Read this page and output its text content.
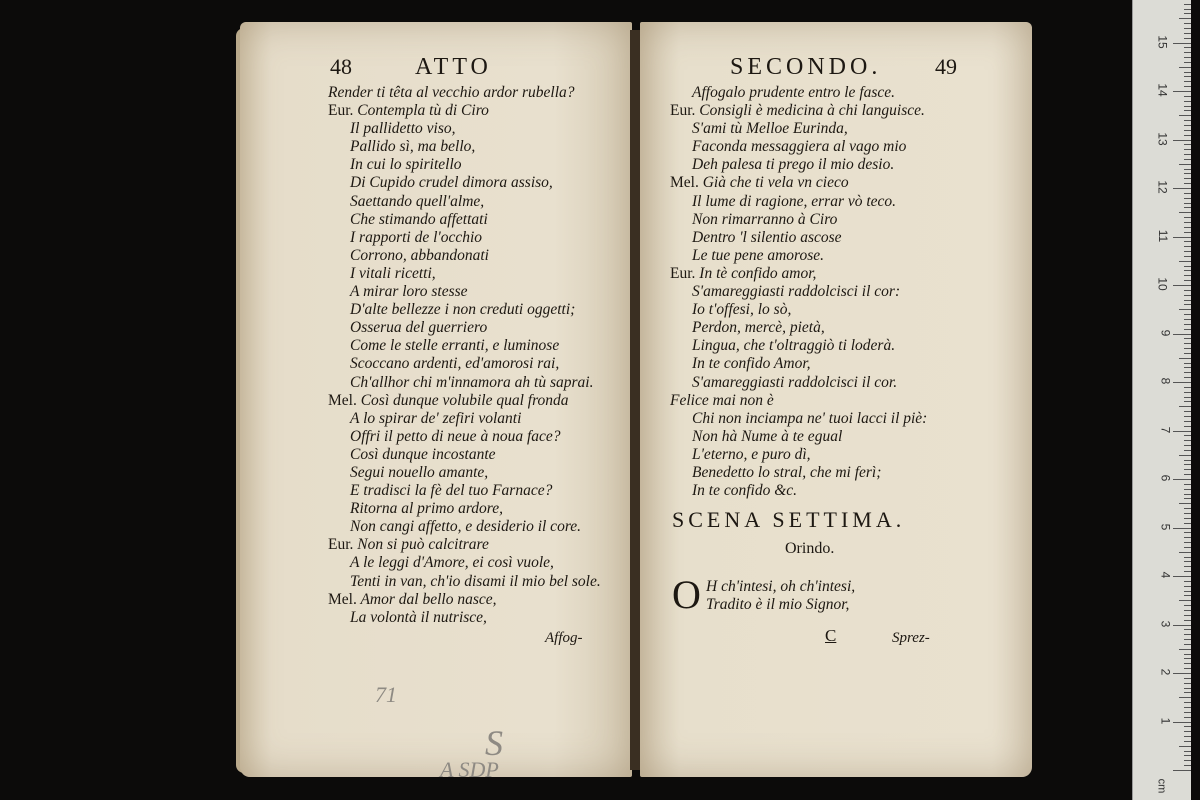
48	ATTO
Render ti têta al vecchio ardor rubella?
Eur. Contempla tù di Ciro
Il pallidetto viso,
Pallido sì, ma bello,
In cui lo spiritello
Di Cupido crudel dimora assiso,
Saettando quell'alme,
Che stimando affettati
I rapporti de l'occhio
Corrono, abbandonati
I vitali ricetti,
A mirar loro stesse
D'alte bellezze i non creduti oggetti;
Osserua del guerriero
Come le stelle erranti, e luminose
Scoccano ardenti, ed'amorosi rai,
Ch'allhor chi m'innamora ah tù saprai.
Mel. Così dunque volubile qual fronda
A lo spirar de' zefiri volanti
Offri il petto di neue à noua face?
Così dunque incostante
Segui nouello amante,
E tradisci la fè del tuo Farnace?
Ritorna al primo ardore,
Non cangi affetto, e desiderio il core.
Eur. Non si può calcitrare
A le leggi d'Amore, ei così vuole,
Tenti in van, ch'io disami il mio bel sole.
Mel. Amor dal bello nasce,
La volontà il nutrisce,
Affog-
71
S
A SDP
SECONDO. 49
Affogalo prudente entro le fasce.
Eur. Consigli è medicina à chi languisce.
S'ami tù Melloe Eurinda,
Faconda messaggiera al vago mio
Deh palesa ti prego il mio desio.
Mel. Già che ti vela vn cieco
Il lume di ragione, errar vò teco.
Non rimarranno à Ciro
Dentro 'l silentio ascose
Le tue pene amorose.
Eur. In tè confido amor,
S'amareggiasti raddolcisci il cor:
Io t'offesi, lo sò,
Perdon, mercè, pietà,
Lingua, che t'oltraggiò ti loderà.
In te confido Amor,
S'amareggiasti raddolcisci il cor.
Felice mai non è
Chi non inciampa ne' tuoi lacci il piè:
Non hà Nume à te egual
L'eterno, e puro dì,
Benedetto lo stral, che mi ferì;
In te confido &c.
SCENA SETTIMA.
Orindo.
O H ch'intesi, oh ch'intesi,
Tradito è il mio Signor,
C	Sprez-
cm
1
2
3
4
5
6
7
8
9
10
11
12
13
14
15
